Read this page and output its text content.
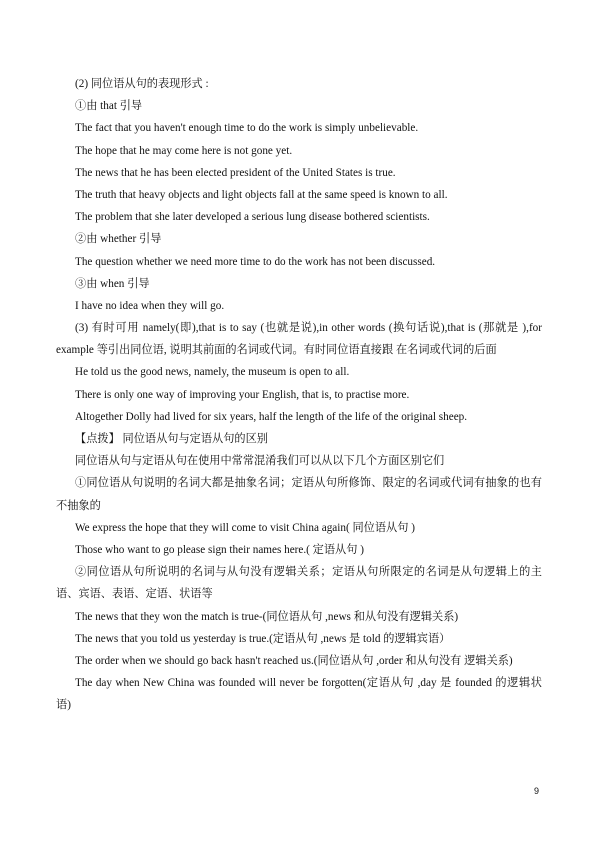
(2) 同位语从句的表现形式 :
①由 that 引导
The fact that you haven't enough time to do the work is simply unbelievable.
The hope that he may come here is not gone yet.
The news that he has been elected president of the United States is true.
The truth that heavy objects and light objects fall at the same speed is known to all.
The problem that she later developed a serious lung disease bothered scientists.
②由 whether 引导
The question whether we need more time to do the work has not been discussed.
③由 when 引导
I have no idea when they will go.
(3) 有时可用 namely(即),that is to say (也就是说),in other words (换句话说),that is (那就是 ),for example 等引出同位语, 说明其前面的名词或代词。有时同位语直接跟 在名词或代词的后面
He told us the good news, namely, the museum is open to all.
There is only one way of improving your English, that is, to practise more.
Altogether Dolly had lived for six years, half the length of the life of the original sheep.
【点拨】 同位语从句与定语从句的区别
同位语从句与定语从句在使用中常常混淆我们可以从以下几个方面区别它们
①同位语从句说明的名词大都是抽象名词；定语从句所修饰、限定的名词或代词有抽象的也有不抽象的
We express the hope that they will come to visit China again( 同位语从句 )
Those who want to go please sign their names here.( 定语从句 )
②同位语从句所说明的名词与从句没有逻辑关系；定语从句所限定的名词是从句逻辑上的主语、宾语、表语、定语、状语等
The news that they won the match is true-(同位语从句 ,news 和从句没有逻辑关系)
The news that you told us yesterday is true.(定语从句 ,news 是 told 的逻辑宾语）
The order when we should go back hasn't reached us.(同位语从句 ,order 和从句没有 逻辑关系)
The day when New China was founded will never be forgotten(定语从句 ,day 是 founded 的逻辑状语)
9
